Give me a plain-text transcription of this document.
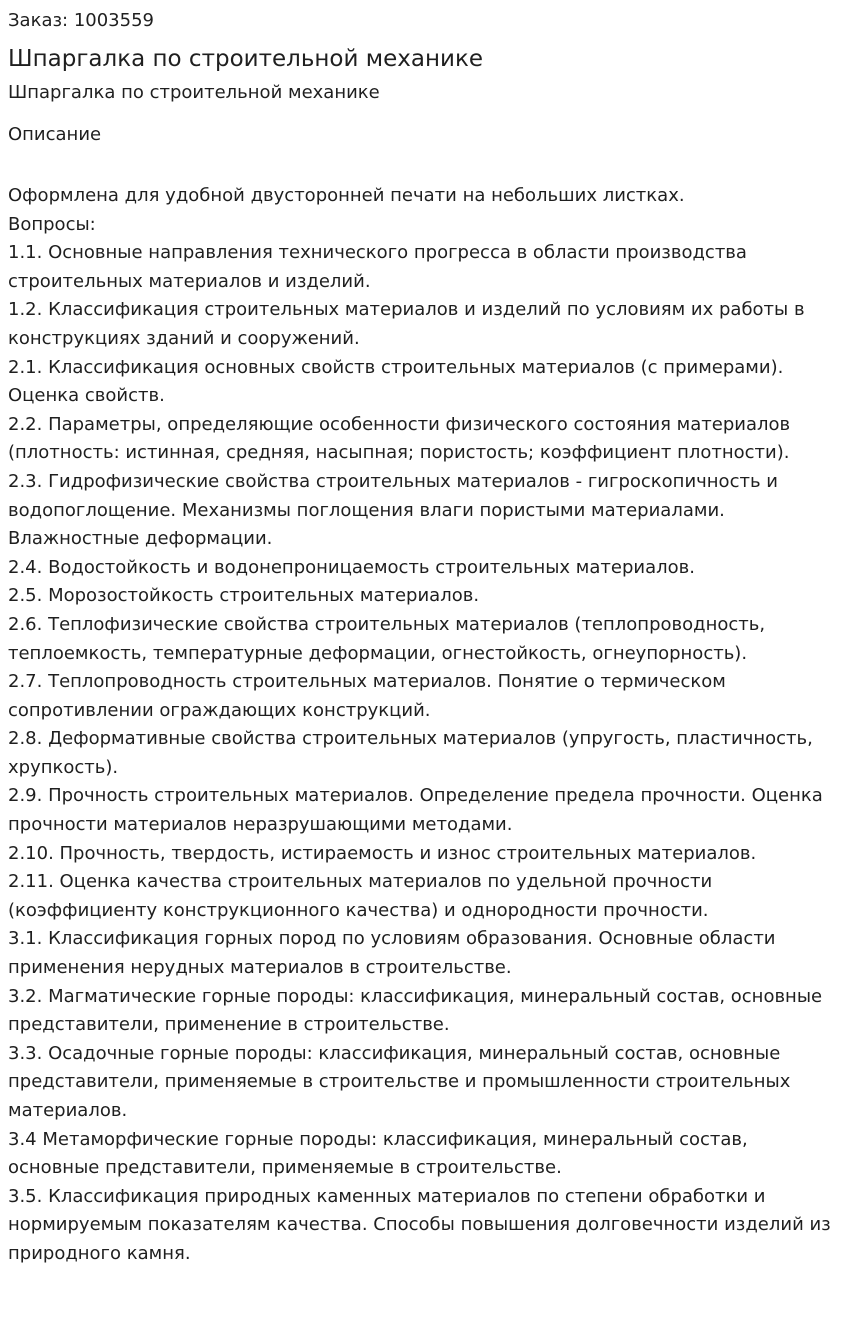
Заказ: 1003559

Шпаргалка по строительной механике

Шпаргалка по строительной механике

Описание

Оформлена для удобной двусторонней печати на небольших листках.

Вопросы:

1.1. Основные направления технического прогресса в области производства строительных материалов и изделий.
1.2. Классификация строительных материалов и изделий по условиям их работы в конструкциях зданий и сооружений.
2.1. Классификация основных свойств строительных материалов (с примерами). Оценка свойств.
2.2. Параметры, определяющие особенности физического состояния материалов (плотность: истинная, средняя, насыпная; пористость; коэффициент плотности).
2.3. Гидрофизические свойства строительных материалов - гигроскопичность и водопоглощение. Механизмы поглощения влаги пористыми материалами. Влажностные деформации.
2.4. Водостойкость и водонепроницаемость строительных материалов.
2.5. Морозостойкость строительных материалов.
2.6. Теплофизические свойства строительных материалов (теплопроводность, теплоемкость, температурные деформации, огнестойкость, огнеупорность).
2.7. Теплопроводность строительных материалов. Понятие о термическом сопротивлении ограждающих конструкций.
2.8. Деформативные свойства строительных материалов (упругость, пластичность, хрупкость).
2.9. Прочность строительных материалов. Определение предела прочности. Оценка прочности материалов неразрушающими методами.
2.10. Прочность, твердость, истираемость и износ строительных материалов.
2.11. Оценка качества строительных материалов по удельной прочности (коэффициенту конструкционного качества) и однородности прочности.
3.1. Классификация горных пород по условиям образования. Основные области применения нерудных материалов в строительстве.
3.2. Магматические горные породы: классификация, минеральный состав, основные представители, применение в строительстве.
3.3. Осадочные горные породы: классификация, минеральный состав, основные представители, применяемые в строительстве и промышленности строительных материалов.
3.4 Метаморфические горные породы: классификация, минеральный состав, основные представители, применяемые в строительстве.
3.5. Классификация природных каменных материалов по степени обработки и нормируемым показателям качества. Способы повышения долговечности изделий из природного камня.
